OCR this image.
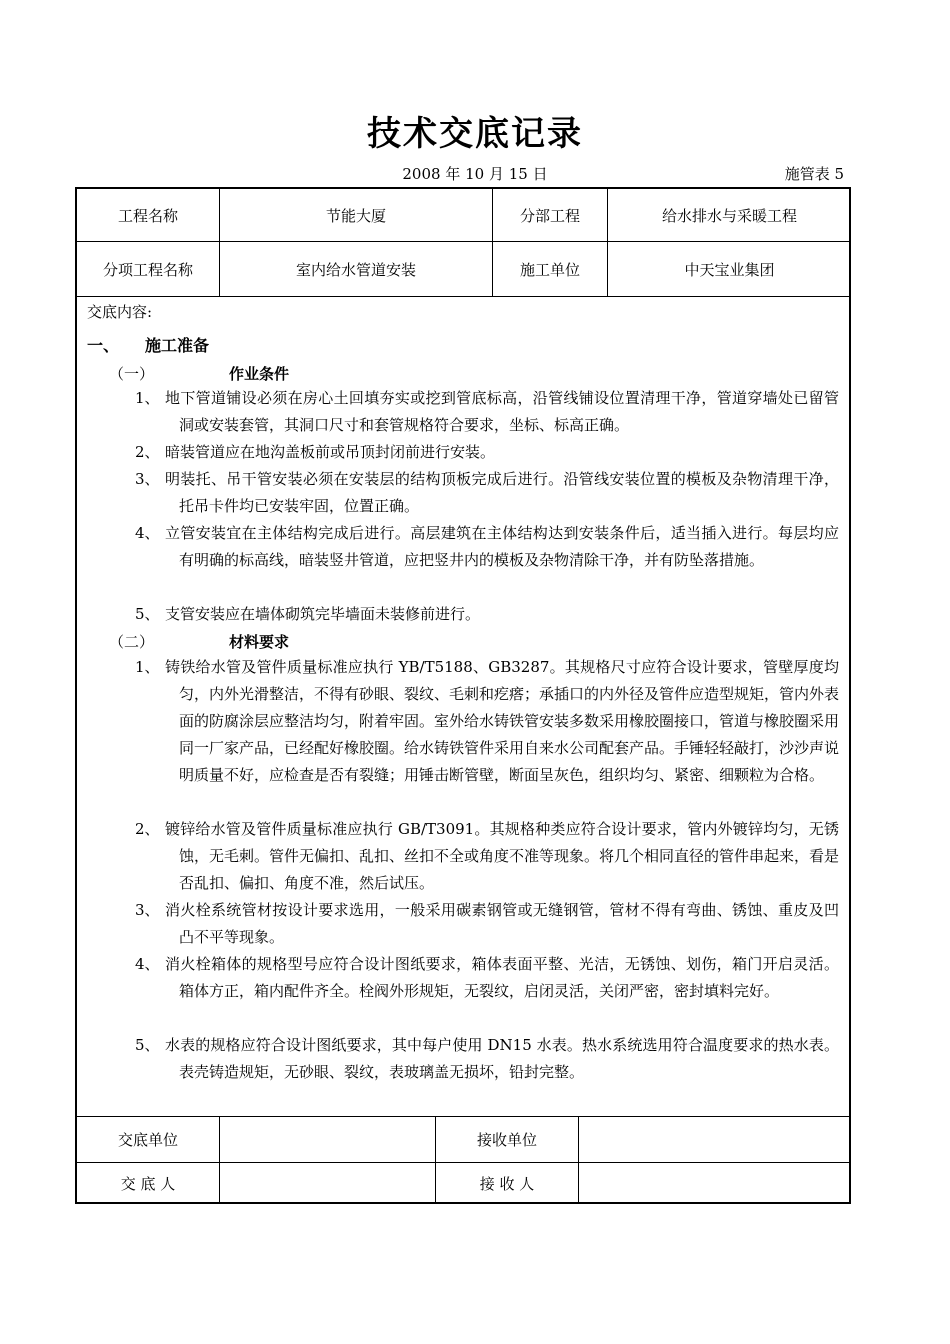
技术交底记录
2008 年 10 月 15 日	施管表 5
工程名称	节能大厦	分部工程	给水排水与采暖工程
分项工程名称	室内给水管道安装	施工单位	中天宝业集团
交底内容:
一、 施工准备
（一）	作业条件
1、 地下管道铺设必须在房心土回填夯实或挖到管底标高，沿管线铺设位置清理干净，管道穿墙处已留管洞或安装套管，其洞口尺寸和套管规格符合要求，坐标、标高正确。
2、 暗装管道应在地沟盖板前或吊顶封闭前进行安装。
3、 明装托、吊干管安装必须在安装层的结构顶板完成后进行。沿管线安装位置的模板及杂物清理干净，托吊卡件均已安装牢固，位置正确。
4、 立管安装宜在主体结构完成后进行。高层建筑在主体结构达到安装条件后，适当插入进行。每层均应有明确的标高线，暗装竖井管道，应把竖井内的模板及杂物清除干净，并有防坠落措施。
5、 支管安装应在墙体砌筑完毕墙面未装修前进行。
（二）	材料要求
1、 铸铁给水管及管件质量标准应执行 YB/T5188、GB3287。其规格尺寸应符合设计要求，管壁厚度均匀，内外光滑整洁，不得有砂眼、裂纹、毛刺和疙瘩；承插口的内外径及管件应造型规矩，管内外表面的防腐涂层应整洁均匀，附着牢固。室外给水铸铁管安装多数采用橡胶圈接口，管道与橡胶圈采用同一厂家产品，已经配好橡胶圈。给水铸铁管件采用自来水公司配套产品。手锤轻轻敲打，沙沙声说明质量不好，应检查是否有裂缝；用锤击断管壁，断面呈灰色，组织均匀、紧密、细颗粒为合格。
2、 镀锌给水管及管件质量标准应执行 GB/T3091。其规格种类应符合设计要求，管内外镀锌均匀，无锈蚀，无毛刺。管件无偏扣、乱扣、丝扣不全或角度不准等现象。将几个相同直径的管件串起来，看是否乱扣、偏扣、角度不准，然后试压。
3、 消火栓系统管材按设计要求选用，一般采用碳素钢管或无缝钢管，管材不得有弯曲、锈蚀、重皮及凹凸不平等现象。
4、 消火栓箱体的规格型号应符合设计图纸要求，箱体表面平整、光洁，无锈蚀、划伤，箱门开启灵活。箱体方正，箱内配件齐全。栓阀外形规矩，无裂纹，启闭灵活，关闭严密，密封填料完好。
5、 水表的规格应符合设计图纸要求，其中每户使用 DN15 水表。热水系统选用符合温度要求的热水表。表壳铸造规矩，无砂眼、裂纹，表玻璃盖无损坏，铅封完整。
交底单位	接收单位
交 底 人	接 收 人
